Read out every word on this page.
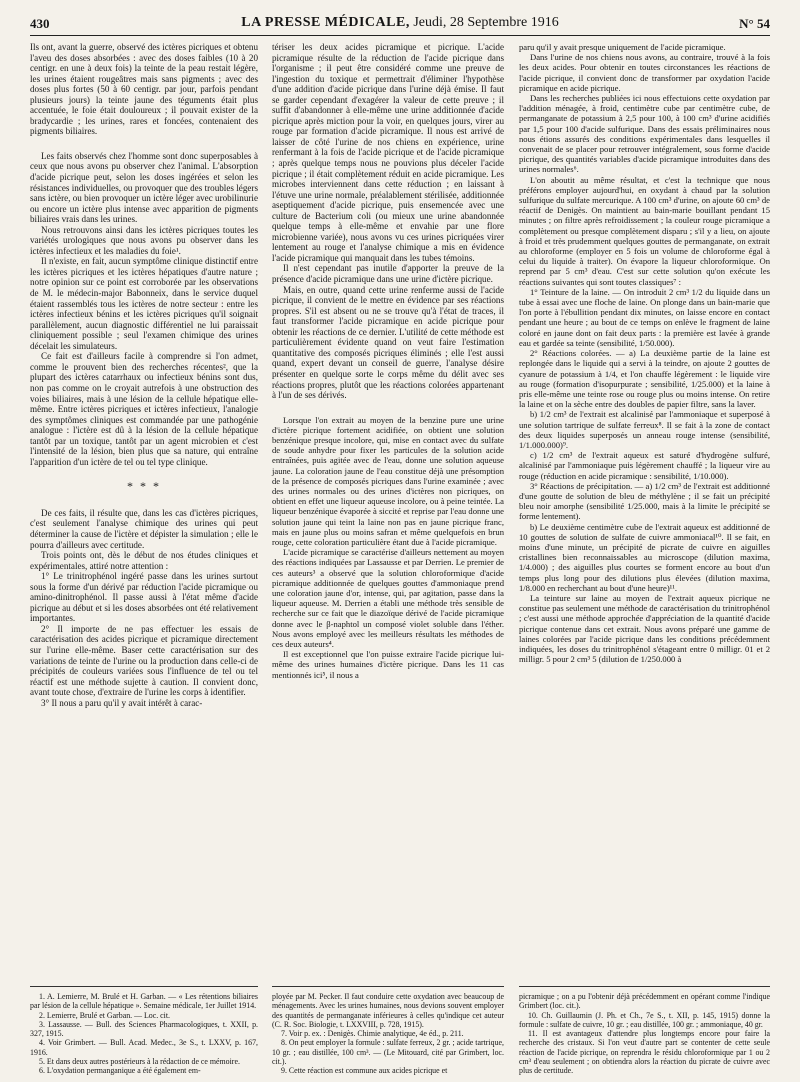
430	LA PRESSE MÉDICALE, Jeudi, 28 Septembre 1916	N° 54

Ils ont, avant la guerre, observé des ictères picriques et obtenu l'aveu des doses absorbées : avec des doses faibles (10 à 20 centigr. en une à deux fois) la teinte de la peau restait légère, les urines étaient rougeâtres mais sans pigments ; avec des doses plus fortes (50 à 60 centigr. par jour, parfois pendant plusieurs jours) la teinte jaune des téguments était plus accentuée, le foie était douloureux ; il pouvait exister de la bradycardie ; les urines, rares et foncées, contenaient des pigments biliaires.

Les faits observés chez l'homme sont donc superposables à ceux que nous avons pu observer chez l'animal. L'absorption d'acide picrique peut, selon les doses ingérées et selon les résistances individuelles, ou provoquer que des troubles légers sans ictère, ou bien provoquer un ictère léger avec urobilinurie ou encore un ictère plus intense avec apparition de pigments biliaires vrais dans les urines.

Nous retrouvons ainsi dans les ictères picriques toutes les variétés urologiques que nous avons pu observer dans les ictères infectieux et les maladies du foie¹.

Il n'existe, en fait, aucun symptôme clinique distinctif entre les ictères picriques et les ictères hépatiques d'autre nature ; notre opinion sur ce point est corroborée par les observations de M. le médecin-major Babonneix, dans le service duquel étaient rassemblés tous les ictères de notre secteur : entre les ictères infectieux bénins et les ictères picriques qu'il soignait parallèlement, aucun diagnostic différentiel ne lui paraissait cliniquement possible ; seul l'examen chimique des urines décelait les simulateurs.

Ce fait est d'ailleurs facile à comprendre si l'on admet, comme le prouvent bien des recherches récentes², que la plupart des ictères catarrhaux ou infectieux bénins sont dus, non pas comme on le croyait autrefois à une obstruction des voies biliaires, mais à une lésion de la cellule hépatique elle-même. Entre ictères picriques et ictères infectieux, l'analogie des symptômes cliniques est commandée par une pathogénie analogue : l'ictère est dû à la lésion de la cellule hépatique tantôt par un toxique, tantôt par un agent microbien et c'est l'intensité de la lésion, bien plus que sa nature, qui entraîne l'apparition d'un ictère de tel ou tel type clinique.

* * *

De ces faits, il résulte que, dans les cas d'ictères picriques, c'est seulement l'analyse chimique des urines qui peut déterminer la cause de l'ictère et dépister la simulation ; elle le pourra d'ailleurs avec certitude.

Trois points ont, dès le début de nos études cliniques et expérimentales, attiré notre attention :

1° Le trinitrophénol ingéré passe dans les urines surtout sous la forme d'un dérivé par réduction l'acide picramique ou amino-dinitrophénol. Il passe aussi à l'état même d'acide picrique au début et si les doses absorbées ont été relativement importantes.

2° Il importe de ne pas effectuer les essais de caractérisation des acides picrique et picramique directement sur l'urine elle-même. Baser cette caractérisation sur des variations de teinte de l'urine ou la production dans celle-ci de précipités de couleurs variées sous l'influence de tel ou tel réactif est une méthode sujette à caution. Il convient donc, avant toute chose, d'extraire de l'urine les corps à identifier.

3° Il nous a paru qu'il y avait intérêt à carac-

tériser les deux acides picramique et picrique. L'acide picramique résulte de la réduction de l'acide picrique dans l'organisme ; il peut être considéré comme une preuve de l'ingestion du toxique et permettrait d'éliminer l'hypothèse d'une addition d'acide picrique dans l'urine déjà émise. Il faut se garder cependant d'exagérer la valeur de cette preuve ; il suffit d'abandonner à elle-même une urine additionnée d'acide picrique après miction pour la voir, en quelques jours, virer au rouge par formation d'acide picramique. Il nous est arrivé de laisser de côté l'urine de nos chiens en expérience, urine renfermant à la fois de l'acide picrique et de l'acide picramique ; après quelque temps nous ne pouvions plus déceler l'acide picrique ; il était complètement réduit en acide picramique. Les microbes interviennent dans cette réduction ; en laissant à l'étuve une urine normale, préalablement stérilisée, additionnée aseptiquement d'acide picrique, puis ensemencée avec une culture de Bacterium coli (ou mieux une urine abandonnée quelque temps à elle-même et envahie par une flore microbienne variée), nous avons vu ces urines picriquées virer lentement au rouge et l'analyse chimique a mis en évidence l'acide picramique qui manquait dans les tubes témoins.

Il n'est cependant pas inutile d'apporter la preuve de la présence d'acide picramique dans une urine d'ictère picrique.

Mais, en outre, quand cette urine renferme aussi de l'acide picrique, il convient de le mettre en évidence par ses réactions propres. S'il est absent ou ne se trouve qu'à l'état de traces, il faut transformer l'acide picramique en acide picrique pour obtenir les réactions de ce dernier. L'utilité de cette méthode est particulièrement évidente quand on veut faire l'estimation quantitative des composés picriques éliminés ; elle l'est aussi quand, expert devant un conseil de guerre, l'analyse désire présenter en quelque sorte le corps même du délit avec ses réactions propres, plutôt que les réactions colorées appartenant à l'un de ses dérivés.

Lorsque l'on extrait au moyen de la benzine pure une urine d'ictère picrique fortement acidifiée, on obtient une solution benzénique presque incolore, qui, mise en contact avec du sulfate de soude anhydre pour fixer les particules de la solution acide entraînées, puis agitée avec de l'eau, donne une solution aqueuse jaune. La coloration jaune de l'eau constitue déjà une présomption de la présence de composés picriques dans l'urine examinée ; avec des urines normales ou des urines d'ictères non picriques, on obtient en effet une liqueur aqueuse incolore, ou à peine teintée. La liqueur benzénique évaporée à siccité et reprise par l'eau donne une solution jaune qui teint la laine non pas en jaune picrique franc, mais en jaune plus ou moins safran et même quelquefois en brun rouge, cette coloration particulière étant due à l'acide picramique.

L'acide picramique se caractérise d'ailleurs nettement au moyen des réactions indiquées par Lassausse et par Derrien. Le premier de ces auteurs³ a observé que la solution chloroformique d'acide picramique additionnée de quelques gouttes d'ammoniaque prend une coloration jaune d'or, intense, qui, par agitation, passe dans la liqueur aqueuse. M. Derrien a établi une méthode très sensible de recherche sur ce fait que le diazoïque dérivé de l'acide picramique donne avec le β-naphtol un composé violet soluble dans l'éther. Nous avons employé avec les meilleurs résultats les méthodes de ces deux auteurs⁴.

Il est exceptionnel que l'on puisse extraire l'acide picrique lui-même des urines humaines d'ictère picrique. Dans les 11 cas mentionnés ici⁵, il nous a

paru qu'il y avait presque uniquement de l'acide picramique.

Dans l'urine de nos chiens nous avons, au contraire, trouvé à la fois les deux acides. Pour obtenir en toutes circonstances les réactions de l'acide picrique, il convient donc de transformer par oxydation l'acide picramique en acide picrique.

Dans les recherches publiées ici nous effectuions cette oxydation par l'addition ménagée, à froid, centimètre cube par centimètre cube, de permanganate de potassium à 2,5 pour 100, à 100 cm³ d'urine acidifiés par 1,5 pour 100 d'acide sulfurique. Dans des essais préliminaires nous nous étions assurés des conditions expérimentales dans lesquelles il convenait de se placer pour retrouver intégralement, sous forme d'acide picrique, des quantités variables d'acide picramique introduites dans des urines normales⁶.

L'on aboutit au même résultat, et c'est la technique que nous préférons employer aujourd'hui, en oxydant à chaud par la solution sulfurique du sulfate mercurique. A 100 cm³ d'urine, on ajoute 60 cm³ de réactif de Denigès. On maintient au bain-marie bouillant pendant 15 minutes ; on filtre après refroidissement ; la couleur rouge picramique a complètement ou presque complètement disparu ; s'il y a lieu, on ajoute à froid et très prudemment quelques gouttes de permanganate, on extrait au chloroforme (employer en 5 fois un volume de chloroforme égal à celui du liquide à traiter). On évapore la liqueur chloroformique. On reprend par 5 cm³ d'eau. C'est sur cette solution qu'on exécute les réactions suivantes qui sont toutes classiques⁷ :

1° Teinture de la laine. — On introduit 2 cm³ 1/2 du liquide dans un tube à essai avec une floche de laine. On plonge dans un bain-marie que l'on porte à l'ébullition pendant dix minutes, on laisse encore en contact pendant une heure ; au bout de ce temps on enlève le fragment de laine coloré en jaune dont on fait deux parts : la première est lavée à grande eau et gardée sa teinte (sensibilité, 1/50.000).

2° Réactions colorées. — a) La deuxième partie de la laine est replongée dans le liquide qui a servi à la teindre, on ajoute 2 gouttes de cyanure de potassium à 1/4, et l'on chauffe légèrement : le liquide vire au rouge (formation d'isopurpurate ; sensibilité, 1/25.000) et la laine à pris elle-même une teinte rose ou rouge plus ou moins intense. On retire la laine et on la sèche entre des doubles de papier filtre, sans la laver.

b) 1/2 cm³ de l'extrait est alcalinisé par l'ammoniaque et superposé à une solution tartrique de sulfate ferreux⁸. Il se fait à la zone de contact des deux liquides superposés un anneau rouge intense (sensibilité, 1/1.000.000)⁹.

c) 1/2 cm³ de l'extrait aqueux est saturé d'hydrogène sulfuré, alcalinisé par l'ammoniaque puis légèrement chauffé ; la liqueur vire au rouge (réduction en acide picramique : sensibilité, 1/10.000).

3° Réactions de précipitation. — a) 1/2 cm³ de l'extrait est additionné d'une goutte de solution de bleu de méthylène ; il se fait un précipité bleu noir amorphe (sensibilité 1/25.000, mais à la limite le précipité se forme lentement).

b) Le deuxième centimètre cube de l'extrait aqueux est additionné de 10 gouttes de solution de sulfate de cuivre ammoniacal¹⁰. Il se fait, en moins d'une minute, un précipité de picrate de cuivre en aiguilles cristallines bien reconnaissables au microscope (dilution maxima, 1/4.000) ; des aiguilles plus courtes se forment encore au bout d'un temps plus long pour des dilutions plus élevées (dilution maxima, 1/8.000 en recherchant au bout d'une heure)¹¹.

La teinture sur laine au moyen de l'extrait aqueux picrique ne constitue pas seulement une méthode de caractérisation du trinitrophénol ; c'est aussi une méthode approchée d'appréciation de la quantité d'acide picrique contenue dans cet extrait. Nous avons préparé une gamme de laines colorées par l'acide picrique dans les conditions précédemment indiquées, les doses du trinitrophénol s'étageant entre 0 milligr. 01 et 2 milligr. 5 pour 2 cm³ 5 (dilution de 1/250.000 à

1. A. Lemierre, M. Brulé et H. Garban. — « Les rétentions biliaires par lésion de la cellule hépatique ». Semaine médicale, 1er Juillet 1914.

2. Lemierre, Brulé et Garban. — Loc. cit.

3. Lassausse. — Bull. des Sciences Pharmacologiques, t. XXII, p. 327, 1915.

4. Voir Grimbert. — Bull. Acad. Medec., 3e S., t. LXXV, p. 167, 1916.

5. Et dans deux autres postérieurs à la rédaction de ce mémoire.

6. L'oxydation permanganique a été également em-

ployée par M. Pecker. Il faut conduire cette oxydation avec beaucoup de ménagements. Avec les urines humaines, nous devions souvent employer des quantités de permanganate inférieures à celles qu'indique cet auteur (C. R. Soc. Biologie, t. LXXVIII, p. 728, 1915).

7. Voir p. ex. : Denigès. Chimie analytique, 4e éd., p. 211.

8. On peut employer la formule : sulfate ferreux, 2 gr. ; acide tartrique, 10 gr. ; eau distillée, 100 cm³. — (Le Mitouard, cité par Grimbert, loc. cit.).

9. Cette réaction est commune aux acides picrique et

picramique ; on a pu l'obtenir déjà précédemment en opérant comme l'indique Grimbert (loc. cit.).

10. Ch. Guillaumin (J. Ph. et Ch., 7e S., t. XII, p. 145, 1915) donne la formule : sulfate de cuivre, 10 gr. ; eau distillée, 100 gr. ; ammoniaque, 40 gr.

11. Il est avantageux d'attendre plus longtemps encore pour faire la recherche des cristaux. Si l'on veut d'autre part se contenter de cette seule réaction de l'acide picrique, on reprendra le résidu chloroformique par 1 ou 2 cm³ d'eau seulement ; on obtiendra alors la réaction du picrate de cuivre avec plus de certitude.
